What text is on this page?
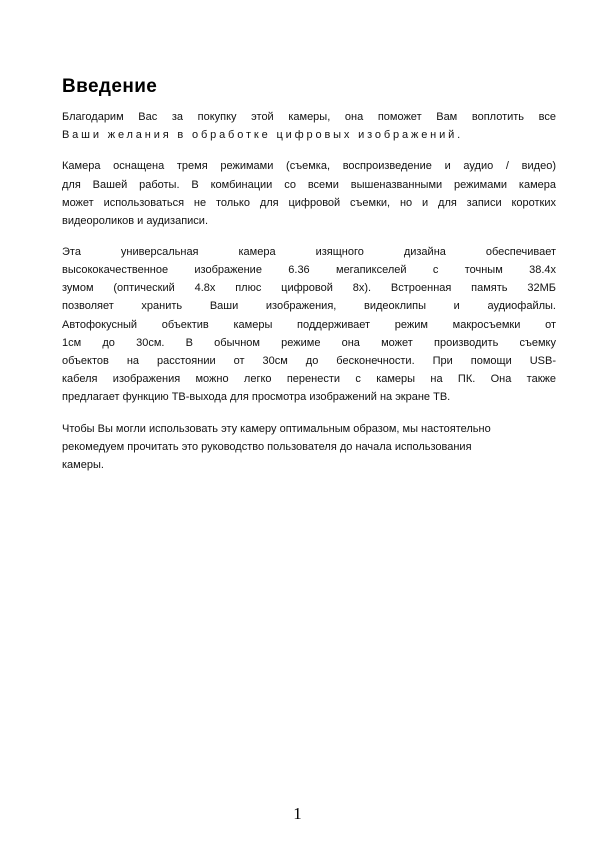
Введение
Благодарим Вас за покупку этой камеры, она поможет Вам воплотить все
Ваши желания в обработке цифровых изображений.
Камера оснащена тремя режимами (съемка, воспроизведение и аудио / видео)
для Вашей работы. В комбинации со всеми вышеназванными режимами камера
может использоваться не только для цифровой съемки, но и для записи коротких
видеороликов и аудизаписи.
Эта универсальная камера изящного дизайна обеспечивает
высококачественное изображение 6.36 мегапикселей с точным 38.4x
зумом (оптический 4.8x плюс цифровой 8x). Встроенная память 32МБ
позволяет хранить Ваши изображения, видеоклипы и аудиофайлы.
Автофокусный объектив камеры поддерживает режим макросъемки от
1см до 30см. В обычном режиме она может производить съемку
объектов на расстоянии от 30см до бесконечности. При помощи USB-
кабеля изображения можно легко перенести с камеры на ПК. Она также
предлагает функцию ТВ-выхода для просмотра изображений на экране ТВ.
Чтобы Вы могли использовать эту камеру оптимальным образом, мы настоятельно
рекомедуем прочитать это руководство пользователя до начала использования
камеры.
1
